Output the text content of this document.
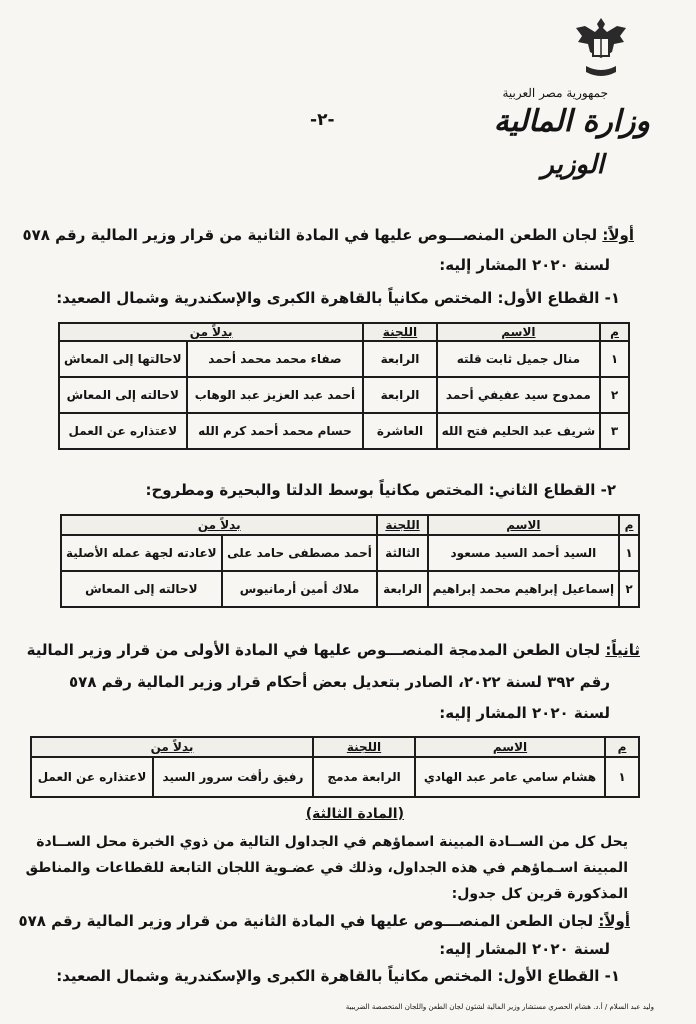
جمهورية مصر العربية
وزارة المالية
الوزير
-٢-
أولاً: لجان الطعن المنصـــوص عليها في المادة الثانية من قرار وزير المالية رقم ٥٧٨
لسنة ٢٠٢٠ المشار إليه:
١- القطاع الأول: المختص مكانياً بالقاهرة الكبرى والإسكندرية وشمال الصعيد:
م	الاسم	اللجنة	بدلاً من	
١	منال جميل ثابت قلته	الرابعة	صفاء محمد محمد أحمد	لاحالتها إلى المعاش
٢	ممدوح سيد عفيفي أحمد	الرابعة	أحمد عبد العزيز عبد الوهاب	لاحالته إلى المعاش
٣	شريف عبد الحليم فتح الله	العاشرة	حسام محمد أحمد كرم الله	لاعتذاره عن العمل
٢- القطاع الثاني: المختص مكانياً بوسط الدلتا والبحيرة ومطروح:
م	الاسم	اللجنة	بدلاً من	
١	السيد أحمد السيد مسعود	الثالثة	أحمد مصطفى حامد على	لاعادته لجهة عمله الأصلية
٢	إسماعيل إبراهيم محمد إبراهيم	الرابعة	ملاك أمين أرمانيوس	لاحالته إلى المعاش
ثانياً: لجان الطعن المدمجة المنصـــوص عليها في المادة الأولى من قرار وزير المالية
رقم ٣٩٢ لسنة ٢٠٢٢، الصادر بتعديل بعض أحكام قرار وزير المالية رقم ٥٧٨
لسنة ٢٠٢٠ المشار إليه:
م	الاسم	اللجنة	بدلاً من	
١	هشام سامي عامر عبد الهادي	الرابعة مدمج	رفيق رأفت سرور السيد	لاعتذاره عن العمل
(المادة الثالثة)
يحل كل من الســادة المبينة اسماؤهم في الجداول التالية من ذوي الخبرة محل الســادة
المبينة اسـماؤهم في هذه الجداول، وذلك في عضـوية اللجان التابعة للقطاعات والمناطق
المذكورة قرين كل جدول:
أولاً: لجان الطعن المنصـــوص عليها في المادة الثانية من قرار وزير المالية رقم ٥٧٨
لسنة ٢٠٢٠ المشار إليه:
١- القطاع الأول: المختص مكانياً بالقاهرة الكبرى والإسكندرية وشمال الصعيد:
وليد عبد السلام / أ.د. هشام الحصري مستشار وزير المالية لشئون لجان الطعن واللجان المتخصصة الضريبية
